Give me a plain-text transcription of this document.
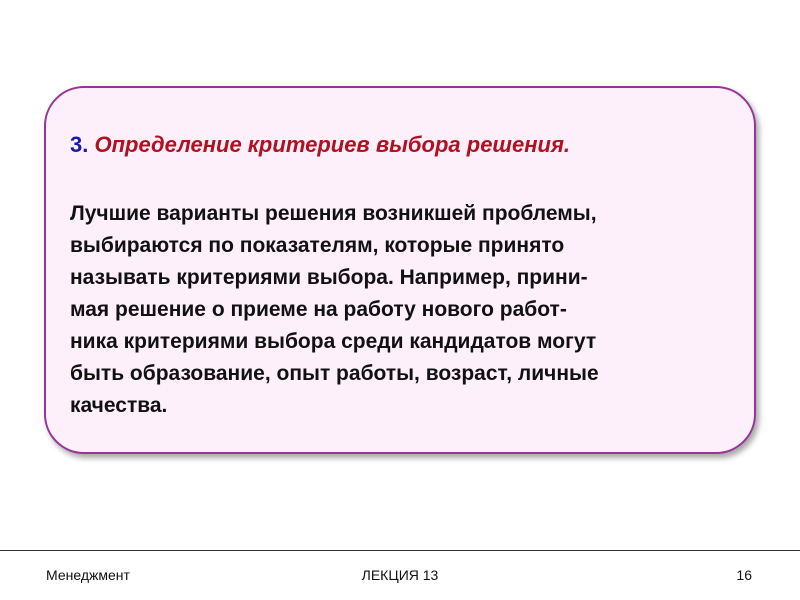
3. Определение критериев выбора решения.
Лучшие варианты решения возникшей проблемы,
выбираются по показателям, которые принято
называть критериями выбора. Например, прини-
мая решение о приеме на работу нового работ-
ника критериями выбора среди кандидатов могут
быть образование, опыт работы, возраст, личные
качества.
Менеджмент	ЛЕКЦИЯ 13	16
